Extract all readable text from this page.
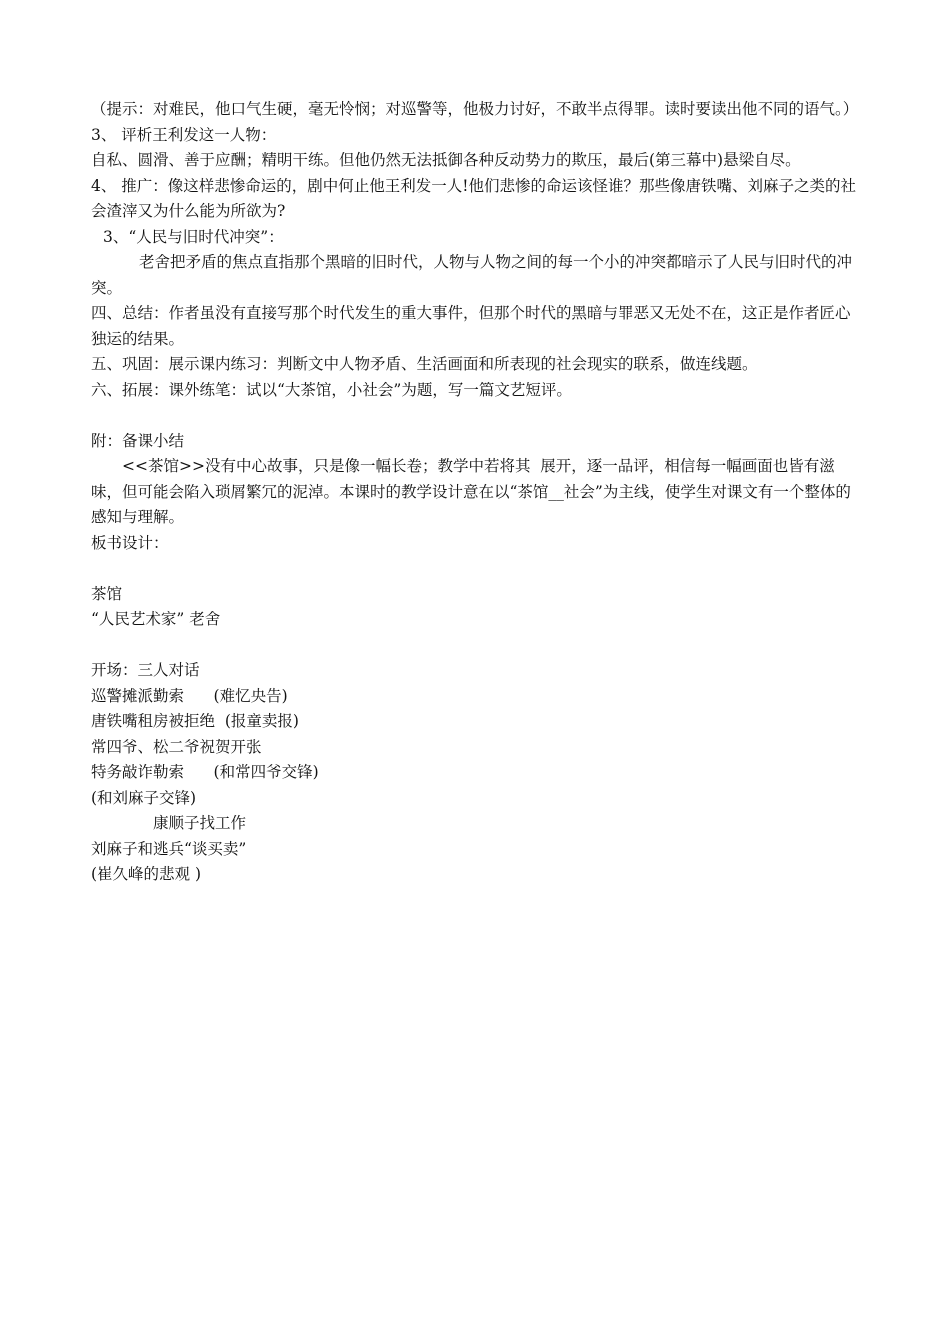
（提示：对难民，他口气生硬，毫无怜悯；对巡警等，他极力讨好，不敢半点得罪。读时要读出他不同的语气。）

3、 评析王利发这一人物：

自私、圆滑、善于应酬；精明干练。但他仍然无法抵御各种反动势力的欺压，最后(第三幕中)悬梁自尽。

4、 推广：像这样悲惨命运的，剧中何止他王利发一人!他们悲惨的命运该怪谁？那些像唐铁嘴、刘麻子之类的社会渣滓又为什么能为所欲为?

3、“人民与旧时代冲突”：

老舍把矛盾的焦点直指那个黑暗的旧时代，人物与人物之间的每一个小的冲突都暗示了人民与旧时代的冲突。

四、总结：作者虽没有直接写那个时代发生的重大事件，但那个时代的黑暗与罪恶又无处不在，这正是作者匠心独运的结果。

五、巩固：展示课内练习：判断文中人物矛盾、生活画面和所表现的社会现实的联系，做连线题。

六、拓展：课外练笔：试以“大茶馆，小社会”为题，写一篇文艺短评。

附：备课小结

<<茶馆>>没有中心故事，只是像一幅长卷；教学中若将其  展开，逐一品评，相信每一幅画面也皆有滋味，但可能会陷入琐屑繁冗的泥淖。本课时的教学设计意在以“茶馆__社会”为主线，使学生对课文有一个整体的感知与理解。

板书设计：

茶馆

“人民艺术家” 老舍

开场：三人对话

巡警摊派勤索      (难忆央告)

唐铁嘴租房被拒绝  (报童卖报)

常四爷、松二爷祝贺开张

特务敲诈勒索      (和常四爷交锋)

(和刘麻子交锋)

康顺子找工作

刘麻子和逃兵“谈买卖”

(崔久峰的悲观 )
